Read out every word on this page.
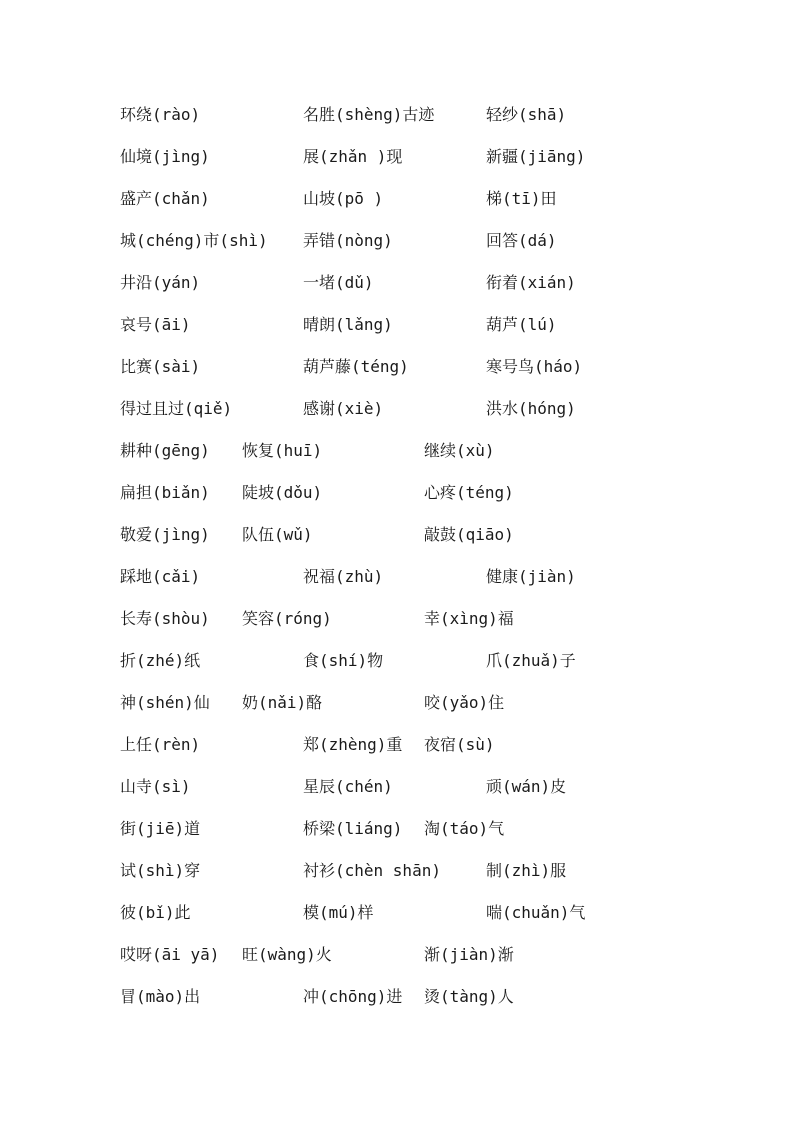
环绕(rào)	名胜(shèng)古迹	轻纱(shā)
仙境(jìng)	展(zhǎn )现	新疆(jiāng)
盛产(chǎn)	山坡(pō )	梯(tī)田
城(chéng)市(shì) 弄错(nòng)	回答(dá)
井沿(yán)	一堵(dǔ)	衔着(xián)
哀号(āi)	晴朗(lǎng)	葫芦(lú)
比赛(sài)	葫芦藤(téng)	寒号鸟(háo)
得过且过(qiě)	感谢(xiè)	洪水(hóng)
耕种(gēng) 恢复(huī)	继续(xù)
扁担(biǎn) 陡坡(dǒu)	心疼(téng)
敬爱(jìng) 队伍(wǔ)	敲鼓(qiāo)
踩地(cǎi)	祝福(zhù)	健康(jiàn)
长寿(shòu) 笑容(róng)	幸(xìng)福
折(zhé)纸	食(shí)物	爪(zhuǎ)子
神(shén)仙 奶(nǎi)酪	咬(yǎo)住
上任(rèn)	郑(zhèng)重 夜宿(sù)
山寺(sì)	星辰(chén)	顽(wán)皮
街(jiē)道	桥梁(liáng) 淘(táo)气
试(shì)穿	衬衫(chèn shān)	制(zhì)服
彼(bǐ)此	模(mú)样	喘(chuǎn)气
哎呀(āi yā) 旺(wàng)火	渐(jiàn)渐
冒(mào)出	冲(chōng)进 烫(tàng)人
